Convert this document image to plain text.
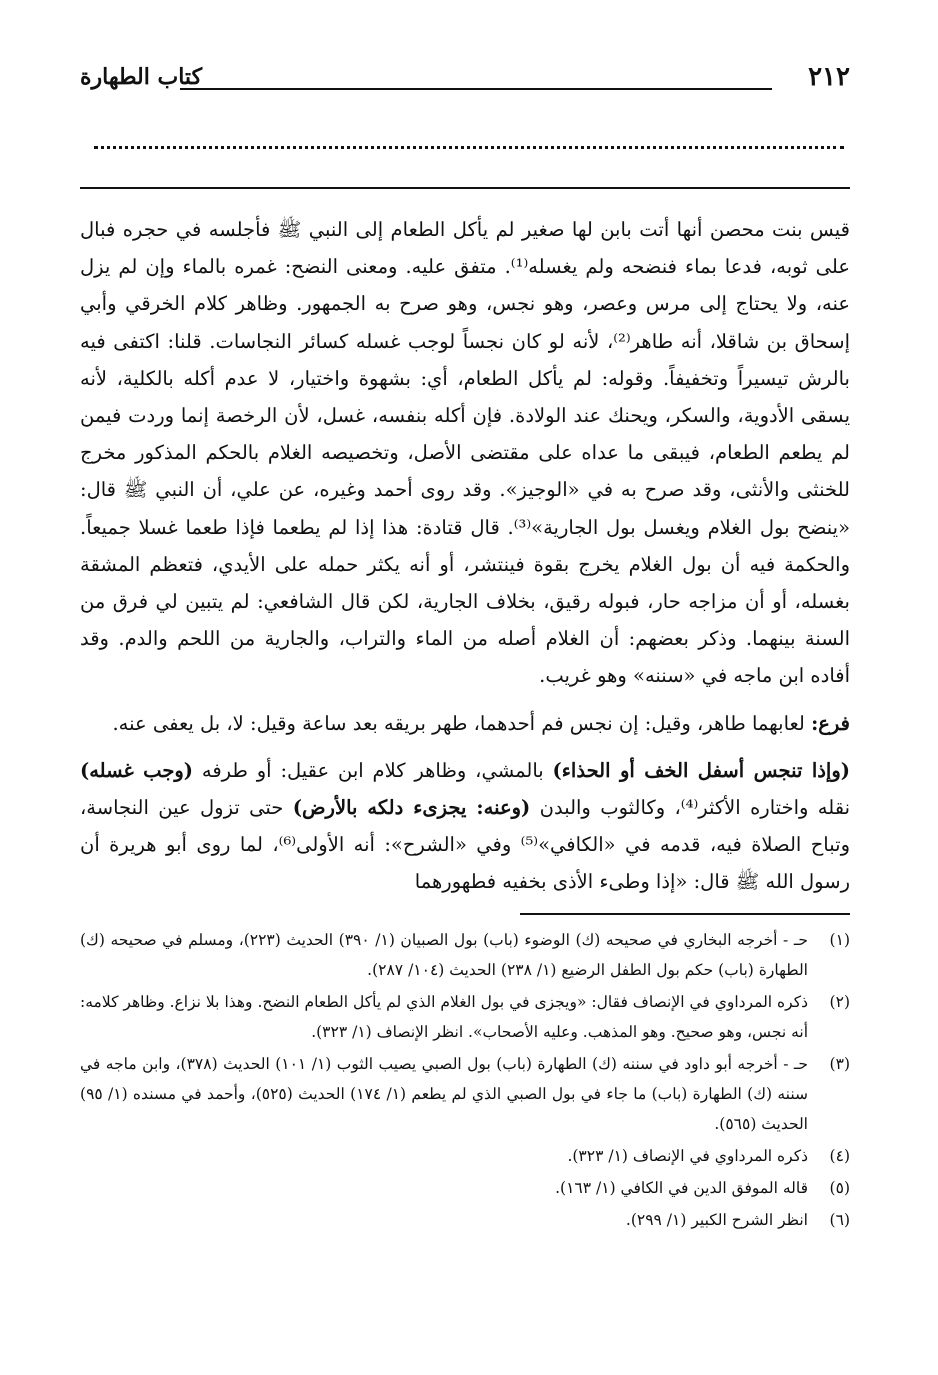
٢١٢
كتاب الطهارة

قيس بنت محصن أنها أتت بابن لها صغير لم يأكل الطعام إلى النبي ﷺ فأجلسه في حجره فبال على ثوبه، فدعا بماء فنضحه ولم يغسله⁽¹⁾. متفق عليه. ومعنى النضح: غمره بالماء وإن لم يزل عنه، ولا يحتاج إلى مرس وعصر، وهو نجس، وهو صرح به الجمهور. وظاهر كلام الخرقي وأبي إسحاق بن شاقلا، أنه طاهر⁽²⁾، لأنه لو كان نجساً لوجب غسله كسائر النجاسات. قلنا: اكتفى فيه بالرش تيسيراً وتخفيفاً. وقوله: لم يأكل الطعام، أي: بشهوة واختيار، لا عدم أكله بالكلية، لأنه يسقى الأدوية، والسكر، ويحنك عند الولادة. فإن أكله بنفسه، غسل، لأن الرخصة إنما وردت فيمن لم يطعم الطعام، فيبقى ما عداه على مقتضى الأصل، وتخصيصه الغلام بالحكم المذكور مخرج للخنثى والأنثى، وقد صرح به في «الوجيز». وقد روى أحمد وغيره، عن علي، أن النبي ﷺ قال: «ينضح بول الغلام ويغسل بول الجارية»⁽³⁾. قال قتادة: هذا إذا لم يطعما فإذا طعما غسلا جميعاً. والحكمة فيه أن بول الغلام يخرج بقوة فينتشر، أو أنه يكثر حمله على الأيدي، فتعظم المشقة بغسله، أو أن مزاجه حار، فبوله رقيق، بخلاف الجارية، لكن قال الشافعي: لم يتبين لي فرق من السنة بينهما. وذكر بعضهم: أن الغلام أصله من الماء والتراب، والجارية من اللحم والدم. وقد أفاده ابن ماجه في «سننه» وهو غريب.

فرع: لعابهما طاهر، وقيل: إن نجس فم أحدهما، طهر بريقه بعد ساعة وقيل: لا، بل يعفى عنه.

(وإذا تنجس أسفل الخف أو الحذاء) بالمشي، وظاهر كلام ابن عقيل: أو طرفه (وجب غسله) نقله واختاره الأكثر⁽⁴⁾، وكالثوب والبدن (وعنه: يجزىء دلكه بالأرض) حتى تزول عين النجاسة، وتباح الصلاة فيه، قدمه في «الكافي»⁽⁵⁾ وفي «الشرح»: أنه الأولى⁽⁶⁾، لما روى أبو هريرة أن رسول الله ﷺ قال: «إذا وطىء الأذى بخفيه فطهورهما

(١)
حـ - أخرجه البخاري في صحيحه (ك) الوضوء (باب) بول الصبيان (١/ ٣٩٠) الحديث (٢٢٣)، ومسلم في صحيحه (ك) الطهارة (باب) حكم بول الطفل الرضيع (١/ ٢٣٨) الحديث (١٠٤/ ٢٨٧).
(٢)
ذكره المرداوي في الإنصاف فقال: «ويجزى في بول الغلام الذي لم يأكل الطعام النضح. وهذا بلا نزاع. وظاهر كلامه: أنه نجس، وهو صحيح. وهو المذهب. وعليه الأصحاب». انظر الإنصاف (١/ ٣٢٣).
(٣)
حـ - أخرجه أبو داود في سننه (ك) الطهارة (باب) بول الصبي يصيب الثوب (١/ ١٠١) الحديث (٣٧٨)، وابن ماجه في سننه (ك) الطهارة (باب) ما جاء في بول الصبي الذي لم يطعم (١/ ١٧٤) الحديث (٥٢٥)، وأحمد في مسنده (١/ ٩٥) الحديث (٥٦٥).
(٤)
ذكره المرداوي في الإنصاف (١/ ٣٢٣).
(٥)
قاله الموفق الدين في الكافي (١/ ١٦٣).
(٦)
انظر الشرح الكبير (١/ ٢٩٩).
